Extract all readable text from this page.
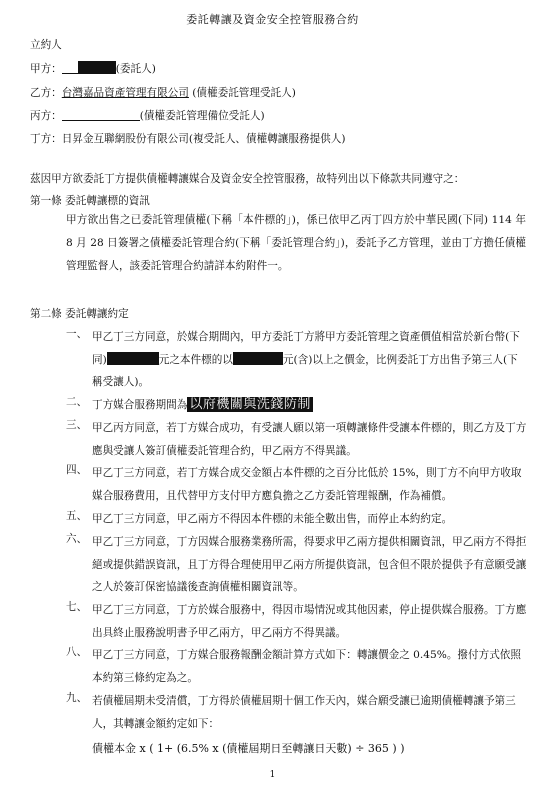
委託轉讓及資金安全控管服務合約
立約人
甲方：	(委託人)
乙方：台灣嘉品資產管理有限公司 (債權委託管理受託人)
丙方：	(債權委託管理備位受託人)
丁方：日昇金互聯網股份有限公司(複受託人、債權轉讓服務提供人)
茲因甲方欲委託丁方提供債權轉讓媒合及資金安全控管服務，故特列出以下條款共同遵守之：
第一條 委託轉讓標的資訊
甲方欲出售之已委託管理債權(下稱「本件標的」)，係已依甲乙丙丁四方於中華民國(下同) 114 年 8 月 28 日簽署之債權委託管理合約(下稱「委託管理合約」)，委託予乙方管理，並由丁方擔任債權管理監督人，該委託管理合約請詳本約附件一。
第二條 委託轉讓約定
一、 甲乙丁三方同意，於媒合期間內，甲方委託丁方將甲方委託管理之資產價值相當於新台幣(下同)	元之本件標的以	元(含)以上之價金，比例委託丁方出售予第三人(下稱受讓人)。
二、 丁方媒合服務期間為 以府機關與洗錢防制
三、 甲乙丙方同意，若丁方媒合成功，有受讓人願以第一項轉讓條件受讓本件標的，則乙方及丁方應與受讓人簽訂債權委託管理合約，甲乙兩方不得異議。
四、 甲乙丁三方同意，若丁方媒合成交金額占本件標的之百分比低於 15%，則丁方不向甲方收取媒合服務費用，且代替甲方支付甲方應負擔之乙方委託管理報酬，作為補償。
五、 甲乙丁三方同意，甲乙兩方不得因本件標的未能全數出售，而停止本約約定。
六、 甲乙丁三方同意，丁方因媒合服務業務所需，得要求甲乙兩方提供相關資訊，甲乙兩方不得拒絕或提供錯誤資訊，且丁方得合理使用甲乙兩方所提供資訊，包含但不限於提供予有意願受讓之人於簽訂保密協議後查詢債權相關資訊等。
七、 甲乙丁三方同意，丁方於媒合服務中，得因市場情況或其他因素，停止提供媒合服務。丁方應出具終止服務說明書予甲乙兩方，甲乙兩方不得異議。
八、 甲乙丁三方同意，丁方媒合服務報酬金額計算方式如下：轉讓價金之 0.45%。撥付方式依照本約第三條約定為之。
九、 若債權屆期未受清償，丁方得於債權屆期十個工作天內，媒合願受讓已逾期債權轉讓予第三人，其轉讓金額約定如下：
債權本金 x ( 1+ (6.5% x (債權屆期日至轉讓日天數) ÷ 365 ) )
1
